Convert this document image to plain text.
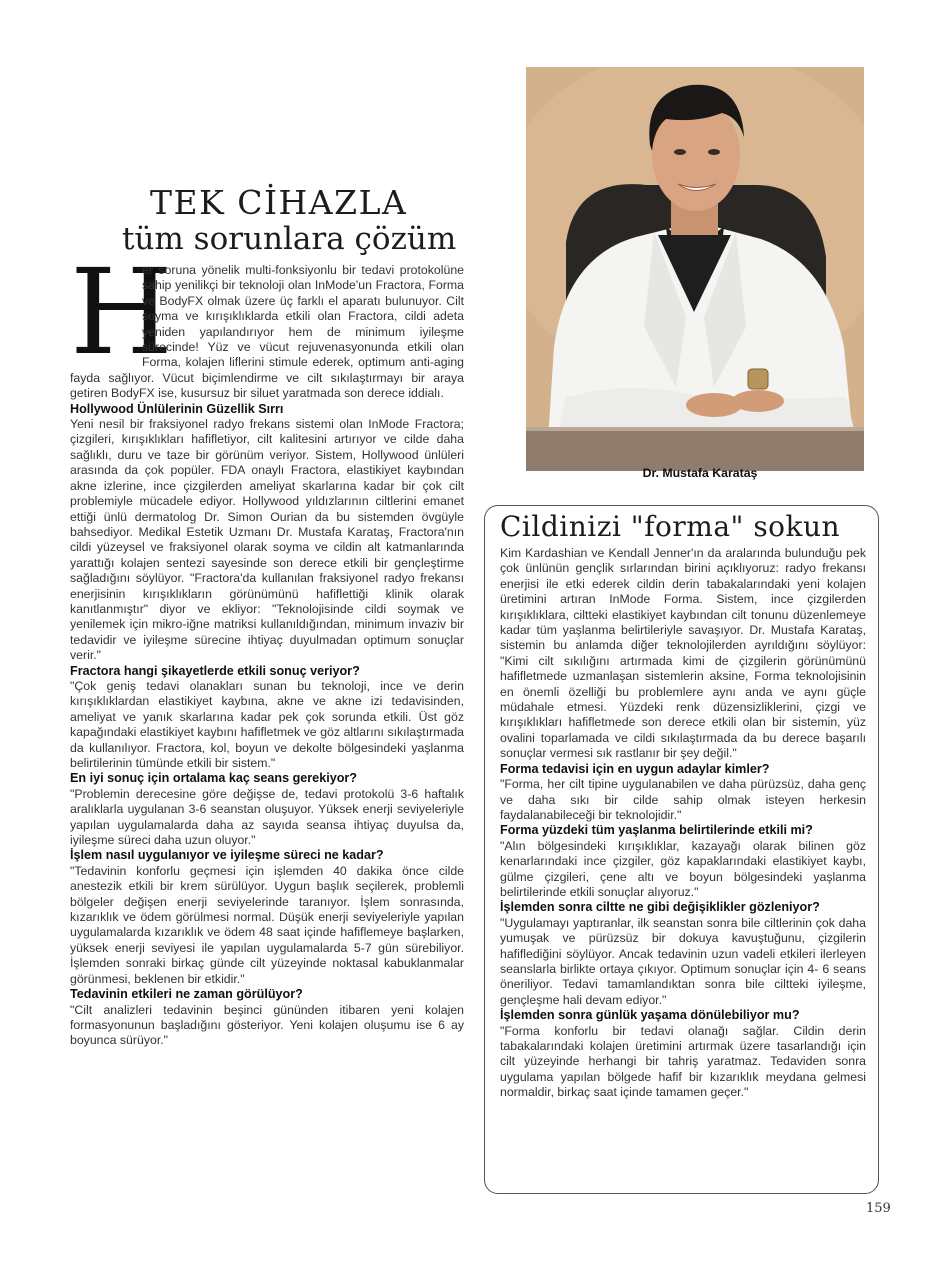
TEK CİHAZLA
tüm sorunlara çözüm

H
er soruna yönelik multi-fonksiyonlu bir tedavi protokolüne sahip yenilikçi bir teknoloji olan InMode'un Fractora, Forma ve BodyFX olmak üzere üç farklı el aparatı bulunuyor. Cilt soyma ve kırışıklıklarda etkili olan Fractora, cildi adeta yeniden yapılandırıyor hem de minimum iyileşme sürecinde! Yüz ve vücut rejuvenasyonunda etkili olan Forma, kolajen liflerini stimule ederek, optimum anti-aging fayda sağlıyor. Vücut biçimlendirme ve cilt sıkılaştırmayı bir araya getiren BodyFX ise, kusursuz bir siluet yaratmada son derece iddialı.

Hollywood Ünlülerinin Güzellik Sırrı

Yeni nesil bir fraksiyonel radyo frekans sistemi olan InMode Fractora; çizgileri, kırışıklıkları hafifletiyor, cilt kalitesini artırıyor ve cilde daha sağlıklı, duru ve taze bir görünüm veriyor. Sistem, Hollywood ünlüleri arasında da çok popüler. FDA onaylı Fractora, elastikiyet kaybından akne izlerine, ince çizgilerden ameliyat skarlarına kadar bir çok cilt problemiyle mücadele ediyor. Hollywood yıldızlarının ciltlerini emanet ettiği ünlü dermatolog Dr. Simon Ourian da bu sistemden övgüyle bahsediyor. Medikal Estetik Uzmanı Dr. Mustafa Karataş, Fractora'nın cildi yüzeysel ve fraksiyonel olarak soyma ve cildin alt katmanlarında yarattığı kolajen sentezi sayesinde son derece etkili bir gençleştirme sağladığını söylüyor. "Fractora'da kullanılan fraksiyonel radyo frekansı enerjisinin kırışıklıkların görünümünü hafiflettiği klinik olarak kanıtlanmıştır" diyor ve ekliyor: "Teknolojisinde cildi soymak ve yenilemek için mikro-iğne matriksi kullanıldığından, minimum invaziv bir tedavidir ve iyileşme sürecine ihtiyaç duyulmadan optimum sonuçlar verir."

Fractora hangi şikayetlerde etkili sonuç veriyor?

"Çok geniş tedavi olanakları sunan bu teknoloji, ince ve derin kırışıklıklardan elastikiyet kaybına, akne ve akne izi tedavisinden, ameliyat ve yanık skarlarına kadar pek çok sorunda etkili. Üst göz kapağındaki elastikiyet kaybını hafifletmek ve göz altlarını sıkılaştırmada da kullanılıyor. Fractora, kol, boyun ve dekolte bölgesindeki yaşlanma belirtilerinin tümünde etkili bir sistem."

En iyi sonuç için ortalama kaç seans gerekiyor?

"Problemin derecesine göre değişse de, tedavi protokolü 3-6 haftalık aralıklarla uygulanan 3-6 seanstan oluşuyor. Yüksek enerji seviyeleriyle yapılan uygulamalarda daha az sayıda seansa ihtiyaç duyulsa da, iyileşme süreci daha uzun oluyor."

İşlem nasıl uygulanıyor ve iyileşme süreci ne kadar?

"Tedavinin konforlu geçmesi için işlemden 40 dakika önce cilde anestezik etkili bir krem sürülüyor. Uygun başlık seçilerek, problemli bölgeler değişen enerji seviyelerinde taranıyor. İşlem sonrasında, kızarıklık ve ödem görülmesi normal. Düşük enerji seviyeleriyle yapılan uygulamalarda kızarıklık ve ödem 48 saat içinde hafiflemeye başlarken, yüksek enerji seviyesi ile yapılan uygulamalarda 5-7 gün sürebiliyor. İşlemden sonraki birkaç günde cilt yüzeyinde noktasal kabuklanmalar görünmesi, beklenen bir etkidir."

Tedavinin etkileri ne zaman görülüyor?

"Cilt analizleri tedavinin beşinci gününden itibaren yeni kolajen formasyonunun başladığını gösteriyor. Yeni kolajen oluşumu ise 6 ay boyunca sürüyor."

Dr. Mustafa Karataş
Cildinizi "forma" sokun

Kim Kardashian ve Kendall Jenner'ın da aralarında bulunduğu pek çok ünlünün gençlik sırlarından birini açıklıyoruz: radyo frekansı enerjisi ile etki ederek cildin derin tabakalarındaki yeni kolajen üretimini artıran InMode Forma. Sistem, ince çizgilerden kırışıklıklara, ciltteki elastikiyet kaybından cilt tonunu düzenlemeye kadar tüm yaşlanma belirtileriyle savaşıyor. Dr. Mustafa Karataş, sistemin bu anlamda diğer teknolojilerden ayrıldığını söylüyor: "Kimi cilt sıkılığını artırmada kimi de çizgilerin görünümünü hafifletmede uzmanlaşan sistemlerin aksine, Forma teknolojisinin en önemli özelliği bu problemlere aynı anda ve aynı güçle müdahale etmesi. Yüzdeki renk düzensizliklerini, çizgi ve kırışıklıkları hafifletmede son derece etkili olan bir sistemin, yüz ovalini toparlamada ve cildi sıkılaştırmada da bu derece başarılı sonuçlar vermesi sık rastlanır bir şey değil."

Forma tedavisi için en uygun adaylar kimler?

"Forma, her cilt tipine uygulanabilen ve daha pürüzsüz, daha genç ve daha sıkı bir cilde sahip olmak isteyen herkesin faydalanabileceği bir teknolojidir."

Forma yüzdeki tüm yaşlanma belirtilerinde etkili mi?

"Alın bölgesindeki kırışıklıklar, kazayağı olarak bilinen göz kenarlarındaki ince çizgiler, göz kapaklarındaki elastikiyet kaybı, gülme çizgileri, çene altı ve boyun bölgesindeki yaşlanma belirtilerinde etkili sonuçlar alıyoruz."

İşlemden sonra ciltte ne gibi değişiklikler gözleniyor?

"Uygulamayı yaptıranlar, ilk seanstan sonra bile ciltlerinin çok daha yumuşak ve pürüzsüz bir dokuya kavuştuğunu, çizgilerin hafiflediğini söylüyor. Ancak tedavinin uzun vadeli etkileri ilerleyen seanslarla birlikte ortaya çıkıyor. Optimum sonuçlar için 4- 6 seans öneriliyor. Tedavi tamamlandıktan sonra bile ciltteki iyileşme, gençleşme hali devam ediyor."

İşlemden sonra günlük yaşama dönülebiliyor mu?

"Forma konforlu bir tedavi olanağı sağlar. Cildin derin tabakalarındaki kolajen üretimini artırmak üzere tasarlandığı için cilt yüzeyinde herhangi bir tahriş yaratmaz. Tedaviden sonra uygulama yapılan bölgede hafif bir kızarıklık meydana gelmesi normaldir, birkaç saat içinde tamamen geçer."

159
